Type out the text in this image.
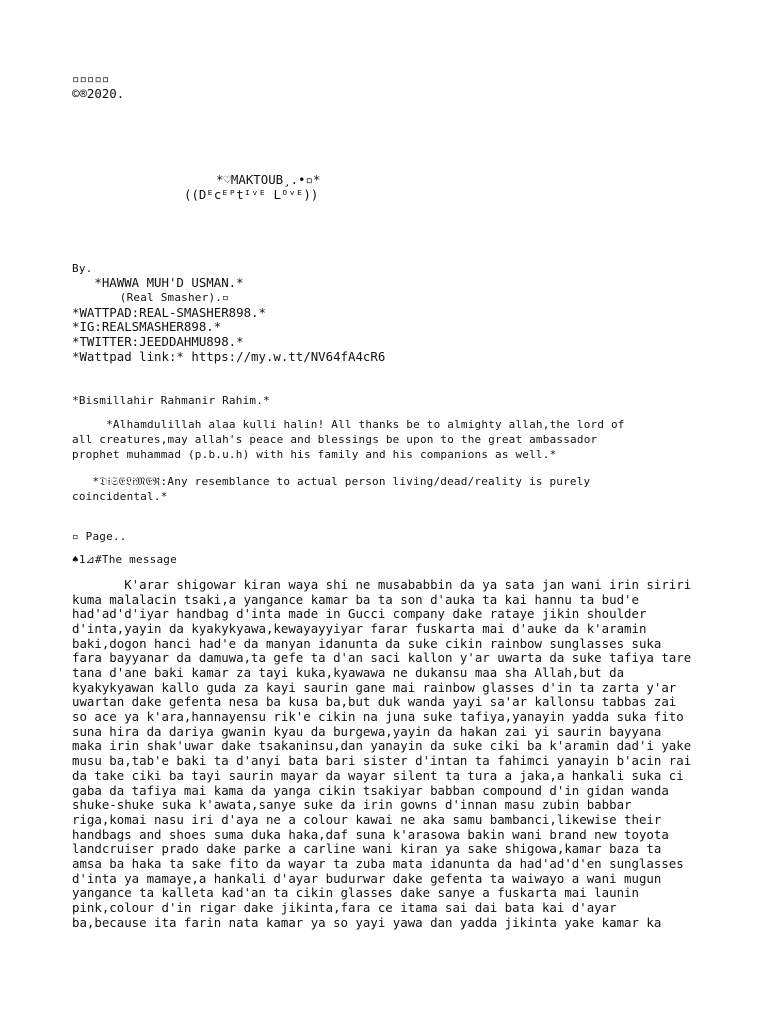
▫▫▫▫▫
©®2020.
*♡MAKTOUB¸.•▫*
((Dᴱcᴱᴾtᴵᵛᴱ Lᴼᵛᴱ))
By.
*HAWWA MUH'D USMAN.*
(Real Smasher).▫
*WATTPAD:REAL-SMASHER898.*
*IG:REALSMASHER898.*
*TWITTER:JEEDDAHMU898.*
*Wattpad link:* https://my.w.tt/NV64fA4cR6
*Bismillahir Rahmanir Rahim.*
*Alhamdulillah alaa kulli halin! All thanks be to almighty allah,the lord of
all creatures,may allah's peace and blessings be upon to the great ambassador
prophet muhammad (p.b.u.h) with his family and his companions as well.*
*𝔇𝔦𝔖𝔈𝔏𝔦𝔐𝔈ℜ:Any resemblance to actual person living/dead/reality is purely
coincidental.*
▫ Page..
♠1⊿#The message
K'arar shigowar kiran waya shi ne musababbin da ya sata jan wani irin siriri
kuma malalacin tsaki,a yangance kamar ba ta son d'auka ta kai hannu ta bud'e
had'ad'd'iyar handbag d'inta made in Gucci company dake rataye jikin shoulder
d'inta,yayin da kyakykyawa,kewayayyiyar farar fuskarta mai d'auke da k'aramin
baki,dogon hanci had'e da manyan idanunta da suke cikin rainbow sunglasses suka
fara bayyanar da damuwa,ta gefe ta d'an saci kallon y'ar uwarta da suke tafiya tare
tana d'ane baki kamar za tayi kuka,kyawawa ne dukansu maa sha Allah,but da
kyakykyawan kallo guda za kayi saurin gane mai rainbow glasses d'in ta zarta y'ar
uwartan dake gefenta nesa ba kusa ba,but duk wanda yayi sa'ar kallonsu tabbas zai
so ace ya k'ara,hannayensu rik'e cikin na juna suke tafiya,yanayin yadda suka fito
suna hira da dariya gwanin kyau da burgewa,yayin da hakan zai yi saurin bayyana
maka irin shak'uwar dake tsakaninsu,dan yanayin da suke ciki ba k'aramin dad'i yake
musu ba,tab'e baki ta d'anyi bata bari sister d'intan ta fahimci yanayin b'acin rai
da take ciki ba tayi saurin mayar da wayar silent ta tura a jaka,a hankali suka ci
gaba da tafiya mai kama da yanga cikin tsakiyar babban compound d'in gidan wanda
shuke-shuke suka k'awata,sanye suke da irin gowns d'innan masu zubin babbar
riga,komai nasu iri d'aya ne a colour kawai ne aka samu bambanci,likewise their
handbags and shoes suma duka haka,daf suna k'arasowa bakin wani brand new toyota
landcruiser prado dake parke a carline wani kiran ya sake shigowa,kamar baza ta
amsa ba haka ta sake fito da wayar ta zuba mata idanunta da had'ad'd'en sunglasses
d'inta ya mamaye,a hankali d'ayar budurwar dake gefenta ta waiwayo a wani mugun
yangance ta kalleta kad'an ta cikin glasses dake sanye a fuskarta mai launin
pink,colour d'in rigar dake jikinta,fara ce itama sai dai bata kai d'ayar
ba,because ita farin nata kamar ya so yayi yawa dan yadda jikinta yake kamar ka
